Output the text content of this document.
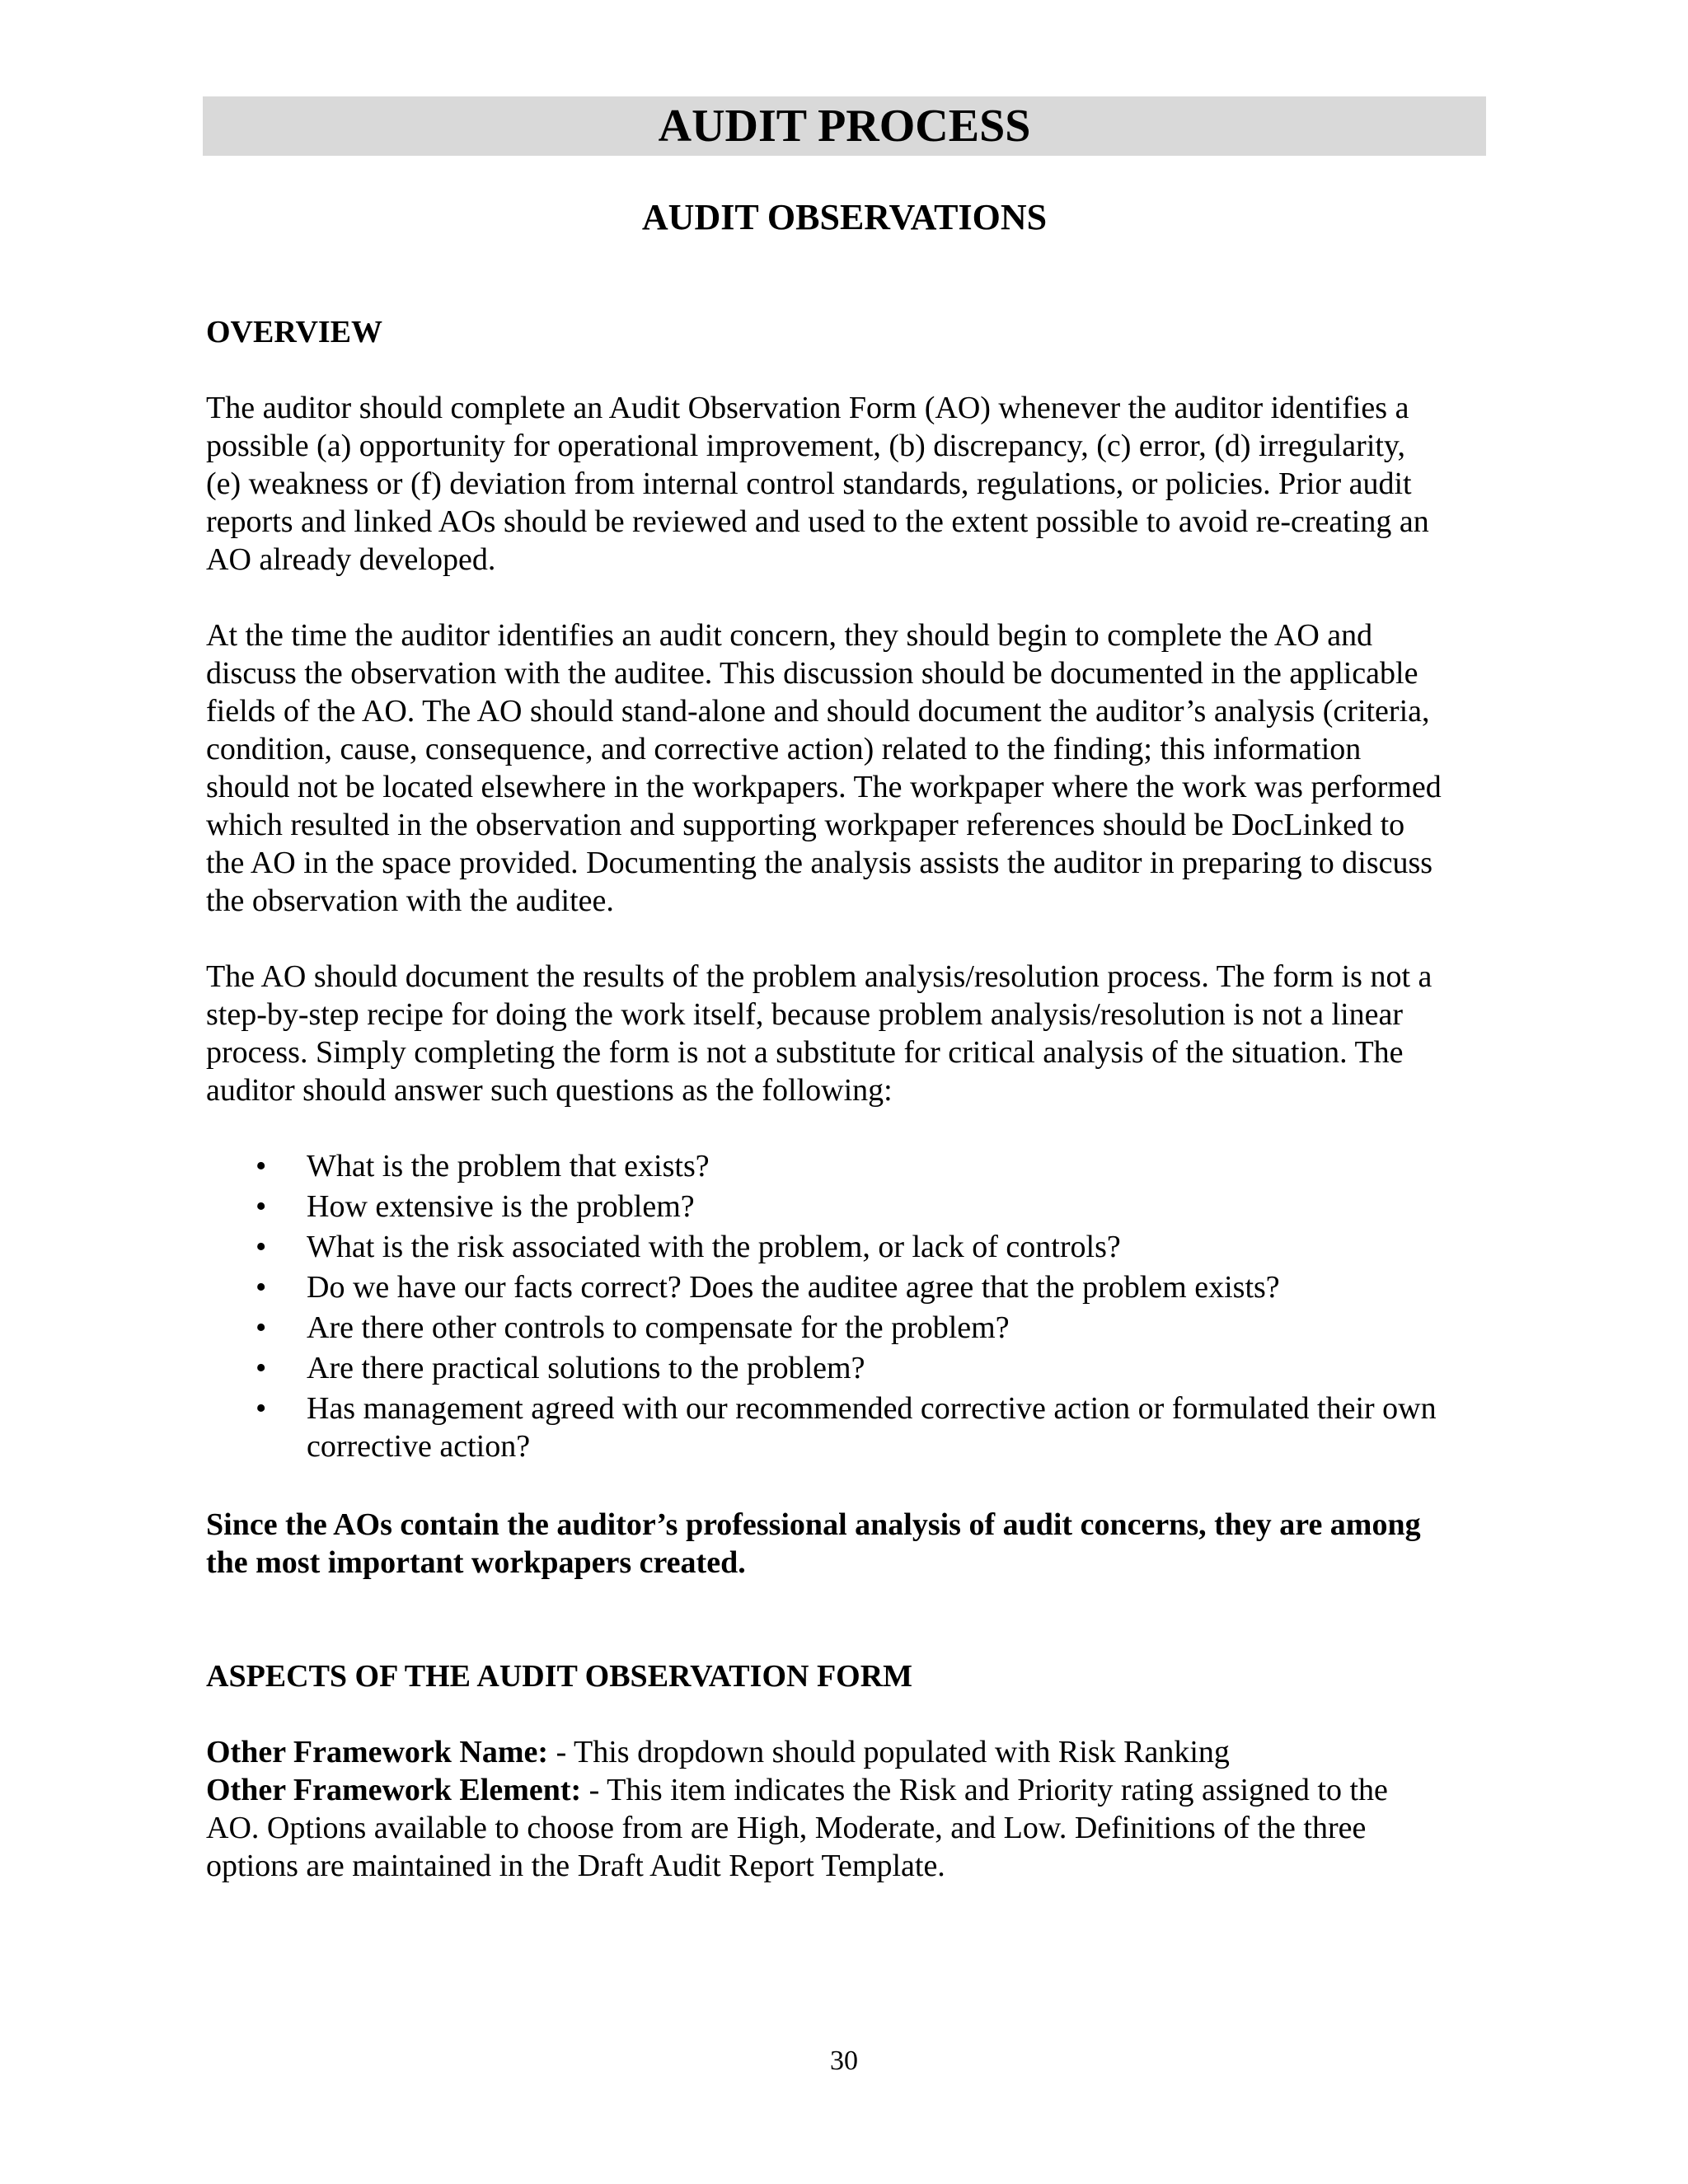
AUDIT PROCESS
AUDIT OBSERVATIONS

OVERVIEW

The auditor should complete an Audit Observation Form (AO) whenever the auditor identifies a possible (a) opportunity for operational improvement, (b) discrepancy, (c) error, (d) irregularity, (e) weakness or (f) deviation from internal control standards, regulations, or policies. Prior audit reports and linked AOs should be reviewed and used to the extent possible to avoid re-creating an AO already developed.

At the time the auditor identifies an audit concern, they should begin to complete the AO and discuss the observation with the auditee. This discussion should be documented in the applicable fields of the AO. The AO should stand-alone and should document the auditor’s analysis (criteria, condition, cause, consequence, and corrective action) related to the finding; this information should not be located elsewhere in the workpapers. The workpaper where the work was performed which resulted in the observation and supporting workpaper references should be DocLinked to the AO in the space provided. Documenting the analysis assists the auditor in preparing to discuss the observation with the auditee.

The AO should document the results of the problem analysis/resolution process. The form is not a step-by-step recipe for doing the work itself, because problem analysis/resolution is not a linear process. Simply completing the form is not a substitute for critical analysis of the situation. The auditor should answer such questions as the following:

• What is the problem that exists?
• How extensive is the problem?
• What is the risk associated with the problem, or lack of controls?
• Do we have our facts correct? Does the auditee agree that the problem exists?
• Are there other controls to compensate for the problem?
• Are there practical solutions to the problem?
• Has management agreed with our recommended corrective action or formulated their own corrective action?

Since the AOs contain the auditor’s professional analysis of audit concerns, they are among the most important workpapers created.

ASPECTS OF THE AUDIT OBSERVATION FORM

Other Framework Name: - This dropdown should populated with Risk Ranking

Other Framework Element: - This item indicates the Risk and Priority rating assigned to the AO. Options available to choose from are High, Moderate, and Low. Definitions of the three options are maintained in the Draft Audit Report Template.

30
